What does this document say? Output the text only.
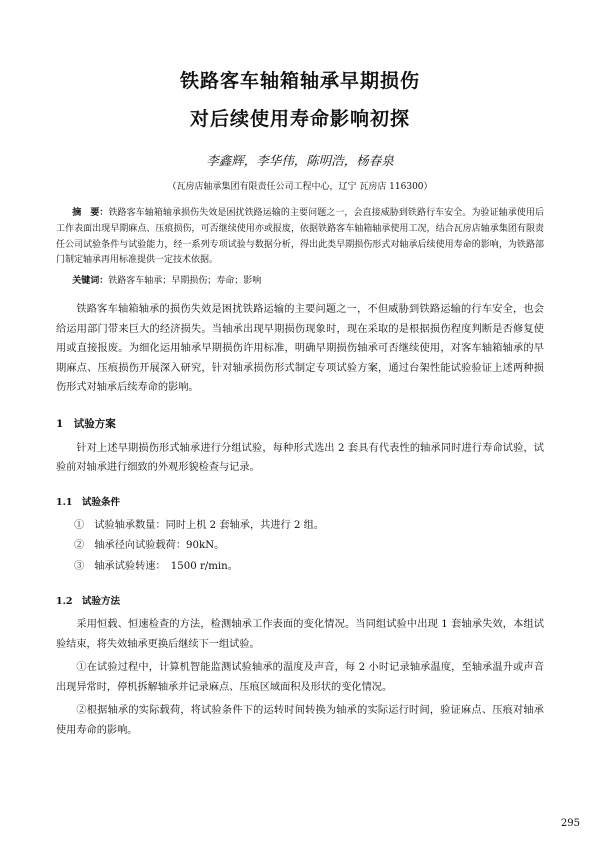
铁路客车轴箱轴承早期损伤
对后续使用寿命影响初探
李鑫辉，李华伟，陈明浩，杨春泉
（瓦房店轴承集团有限责任公司工程中心，辽宁 瓦房店 116300）
摘　要：铁路客车轴箱轴承损伤失效是困扰铁路运输的主要问题之一，会直接威胁到铁路行车安全。为验证轴承使用后工作表面出现早期麻点、压痕损伤，可否继续使用亦或报废，依据铁路客车轴箱轴承使用工况，结合瓦房店轴承集团有限责任公司试验条件与试验能力，经一系列专项试验与数据分析，得出此类早期损伤形式对轴承后续使用寿命的影响，为铁路部门制定轴承再用标准提供一定技术依据。
关键词：铁路客车轴承；早期损伤；寿命；影响
铁路客车轴箱轴承的损伤失效是困扰铁路运输的主要问题之一，不但威胁到铁路运输的行车安全，也会给运用部门带来巨大的经济损失。当轴承出现早期损伤现象时，现在采取的是根据损伤程度判断是否修复使用或直接报废。为细化运用轴承早期损伤许用标准，明确早期损伤轴承可否继续使用，对客车轴箱轴承的早期麻点、压痕损伤开展深入研究，针对轴承损伤形式制定专项试验方案，通过台架性能试验验证上述两种损伤形式对轴承后续寿命的影响。
1　试验方案
针对上述早期损伤形式轴承进行分组试验，每种形式选出 2 套具有代表性的轴承同时进行寿命试验，试验前对轴承进行细致的外观形貌检查与记录。
1.1　试验条件
①　试验轴承数量：同时上机 2 套轴承，共进行 2 组。
②　轴承径向试验载荷：90kN。
③　轴承试验转速：　1500 r/min。
1.2　试验方法
采用恒载、恒速检查的方法，检测轴承工作表面的变化情况。当同组试验中出现 1 套轴承失效，本组试验结束，将失效轴承更换后继续下一组试验。
①在试验过程中，计算机智能监测试验轴承的温度及声音，每 2 小时记录轴承温度，至轴承温升或声音出现异常时，停机拆解轴承并记录麻点、压痕区域面积及形状的变化情况。
②根据轴承的实际载荷，将试验条件下的运转时间转换为轴承的实际运行时间，验证麻点、压痕对轴承使用寿命的影响。
295
